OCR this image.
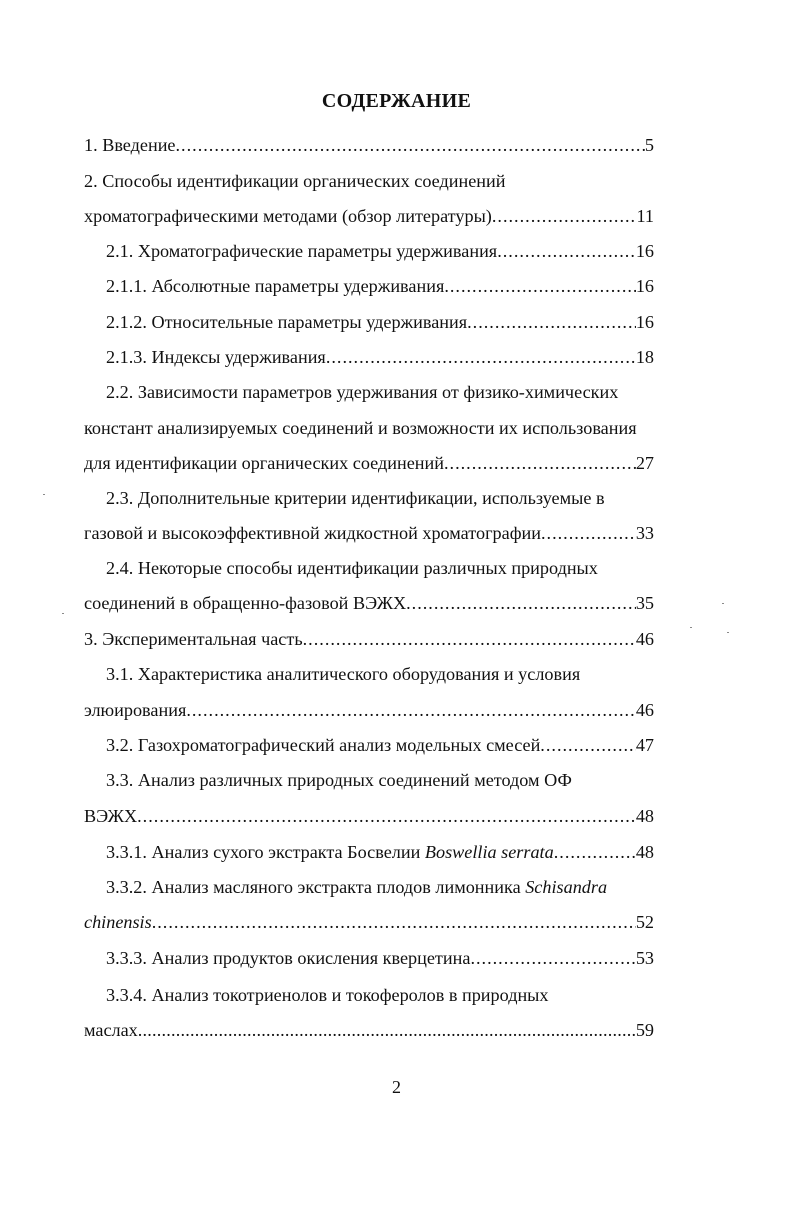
СОДЕРЖАНИЕ
1. Введение .....	5
2. Способы идентификации органических соединений
хроматографическими методами (обзор литературы) .....	11
2.1. Хроматографические параметры удерживания .....	16
2.1.1. Абсолютные параметры удерживания .....	16
2.1.2. Относительные параметры удерживания .....	16
2.1.3. Индексы удерживания .....	18
2.2. Зависимости параметров удерживания от физико-химических
констант анализируемых соединений и возможности их использования
для идентификации органических соединений .....	27
2.3. Дополнительные критерии идентификации, используемые в
газовой и высокоэффективной жидкостной хроматографии .....	33
2.4. Некоторые способы идентификации различных природных
соединений в обращенно-фазовой ВЭЖХ .....	35
3. Экспериментальная часть .....	46
3.1. Характеристика аналитического оборудования и условия
элюирования .....	46
3.2. Газохроматографический анализ модельных смесей .....	47
3.3. Анализ различных природных соединений методом ОФ
ВЭЖХ .....	48
3.3.1. Анализ сухого экстракта Босвелии Boswellia serrata .....	48
3.3.2. Анализ масляного экстракта плодов лимонника Schisandra
chinensis .....	52
3.3.3. Анализ продуктов окисления кверцетина .....	53
3.3.4. Анализ токотриенолов и токоферолов в природных
маслах .....	59
2
